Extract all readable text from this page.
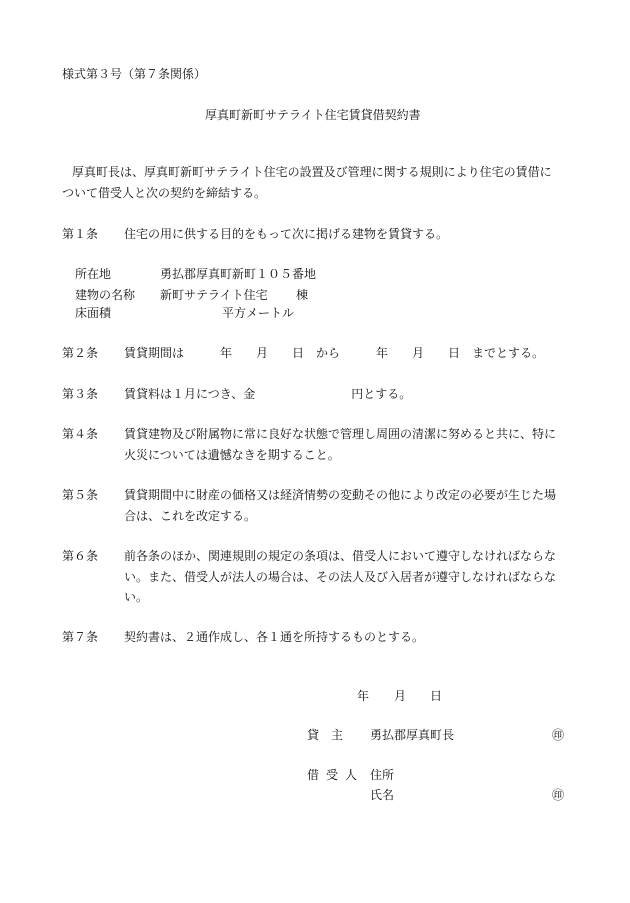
様式第３号（第７条関係）
厚真町新町サテライト住宅賃貸借契約書
厚真町長は、厚真町新町サテライト住宅の設置及び管理に関する規則により住宅の賃借に
ついて借受人と次の契約を締結する。
第１条 住宅の用に供する目的をもって次に掲げる建物を賃貸する。
所在地	勇払郡厚真町新町１０５番地
建物の名称 新町サテライト住宅 棟
床面積	平方メートル
第２条 賃貸期間は　　　年　　月　　日　から　　　年　　月　　日　までとする。
第３条 賃貸料は１月につき、金　　　　　　　　円とする。
第４条 賃貸建物及び附属物に常に良好な状態で管理し周囲の清潔に努めると共に、特に
火災については遺憾なきを期すること。
第５条 賃貸期間中に財産の価格又は経済情勢の変動その他により改定の必要が生じた場
合は、これを改定する。
第６条 前各条のほか、関連規則の規定の条項は、借受人において遵守しなければならな
い。また、借受人が法人の場合は、その法人及び入居者が遵守しなければならな
い。
第７条 契約書は、２通作成し、各１通を所持するものとする。
年 月 日
貸　主 勇払郡厚真町長	㊞
借受人 住所
氏名	㊞
